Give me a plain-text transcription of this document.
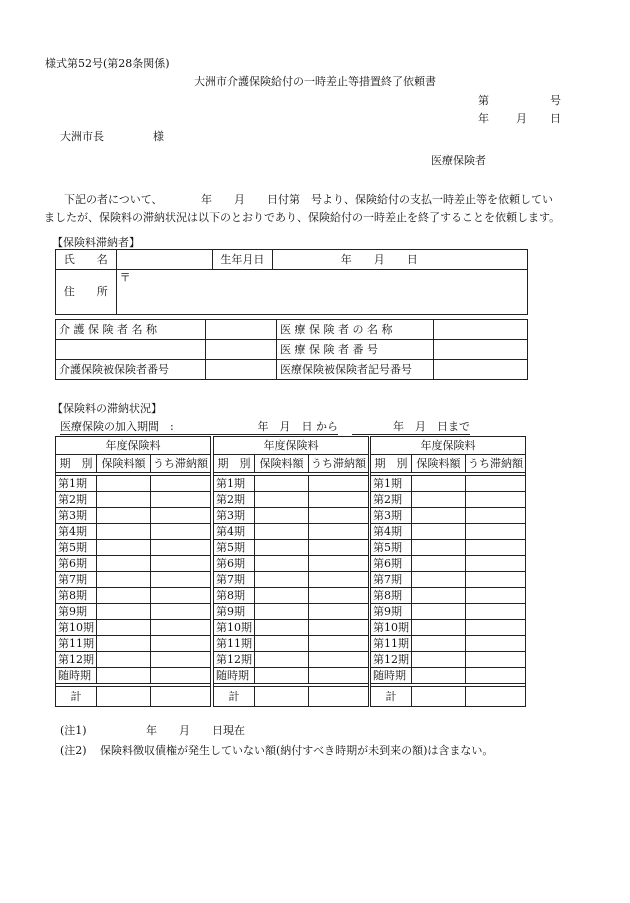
様式第52号(第28条関係)
大洲市介護保険給付の一時差止等措置終了依頼書
第	号
年 月 日
大洲市長	様
医療保険者
下記の者について、　　　　年　　月　　日付第　号より、保険給付の支払一時差止等を依頼してい
ましたが、保険料の滞納状況は以下のとおりであり、保険給付の一時差止を終了することを依頼します。
【保険料滞納者】
氏　　名		生年月日	年　　月　　日
住　　所	〒		
介 護 保 険 者 名 称		医 療 保 険 者 の 名 称	
		医 療 保 険 者 番 号	
介護保険被保険者番号		医療保険被保険者記号番号	
【保険料の滞納状況】
医療保険の加入期間　:	年　月　日 から	年　月　日まで
年度保険料		
期　別	保険料額	うち滞納額

第1期		
第2期		
第3期		
第4期		
第5期		
第6期		
第7期		
第8期		
第9期		
第10期		
第11期		
第12期		
随時期		

計		
年度保険料		
期　別	保険料額	うち滞納額

第1期		
第2期		
第3期		
第4期		
第5期		
第6期		
第7期		
第8期		
第9期		
第10期		
第11期		
第12期		
随時期		

計		
年度保険料		
期　別	保険料額	うち滞納額

第1期		
第2期		
第3期		
第4期		
第5期		
第6期		
第7期		
第8期		
第9期		
第10期		
第11期		
第12期		
随時期		

計		
(注1)	年　　月　　日現在
(注2) 保険料徴収債権が発生していない額(納付すべき時期が未到来の額)は含まない。
